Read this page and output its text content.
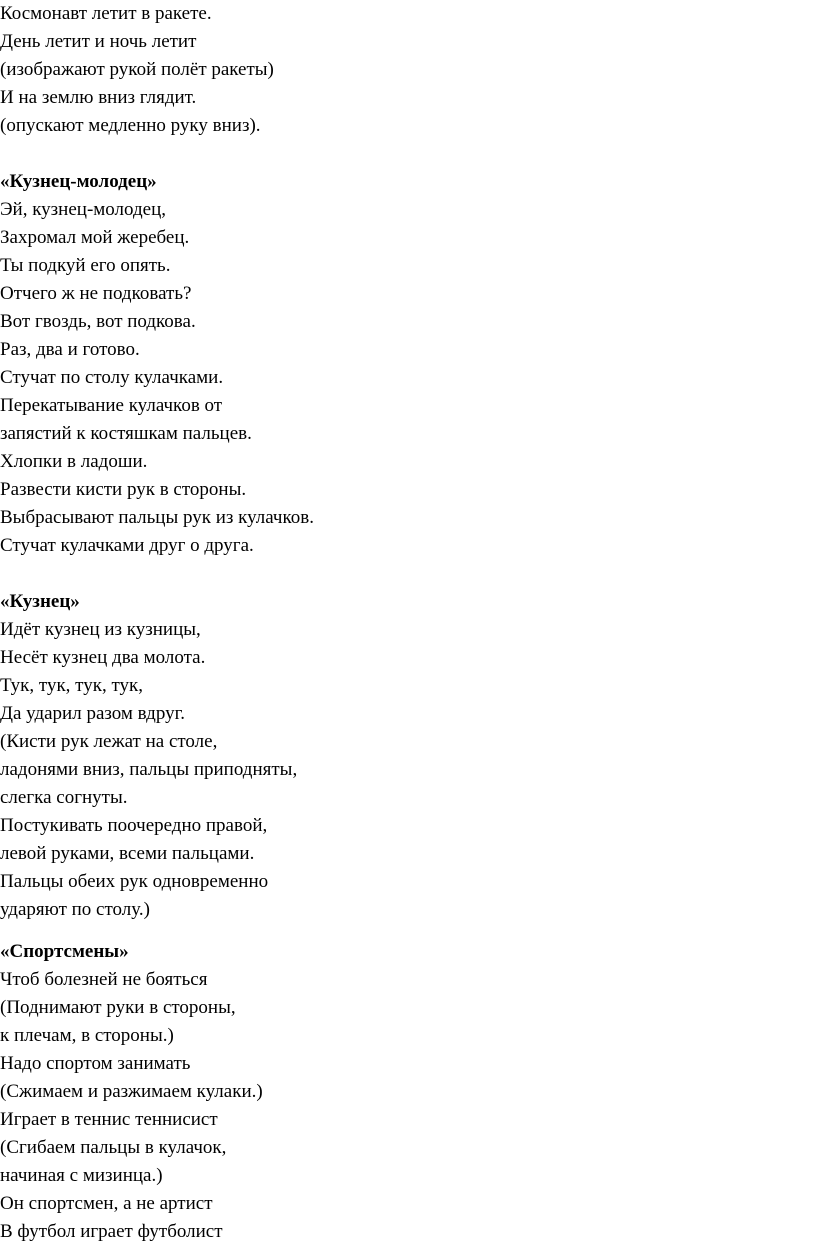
Космонавт летит в ракете.
День летит и ночь летит
(изображают рукой полёт ракеты)
И на землю вниз глядит.
(опускают медленно руку вниз).
«Кузнец-молодец»
Эй, кузнец-молодец,
Захромал мой жеребец.
Ты подкуй его опять.
Отчего ж не подковать?
Вот гвоздь, вот подкова.
Раз, два и готово.
Стучат по столу кулачками.
Перекатывание кулачков от
запястий к костяшкам пальцев.
Хлопки в ладоши.
Развести кисти рук в стороны.
Выбрасывают пальцы рук из кулачков.
Стучат кулачками друг о друга.
«Кузнец»
Идёт кузнец из кузницы,
Несёт кузнец два молота.
Тук, тук, тук, тук,
Да ударил разом вдруг.
(Кисти рук лежат на столе,
ладонями вниз, пальцы приподняты,
слегка согнуты.
Постукивать поочередно правой,
левой руками, всеми пальцами.
Пальцы обеих рук одновременно
ударяют по столу.)
«Спортсмены»
Чтоб болезней не бояться
(Поднимают руки в стороны,
к плечам, в стороны.)
Надо спортом занимать
(Сжимаем и разжимаем кулаки.)
Играет в теннис теннисист
(Сгибаем пальцы в кулачок,
начиная с мизинца.)
Он спортсмен, а не артист
В футбол играет футболист
